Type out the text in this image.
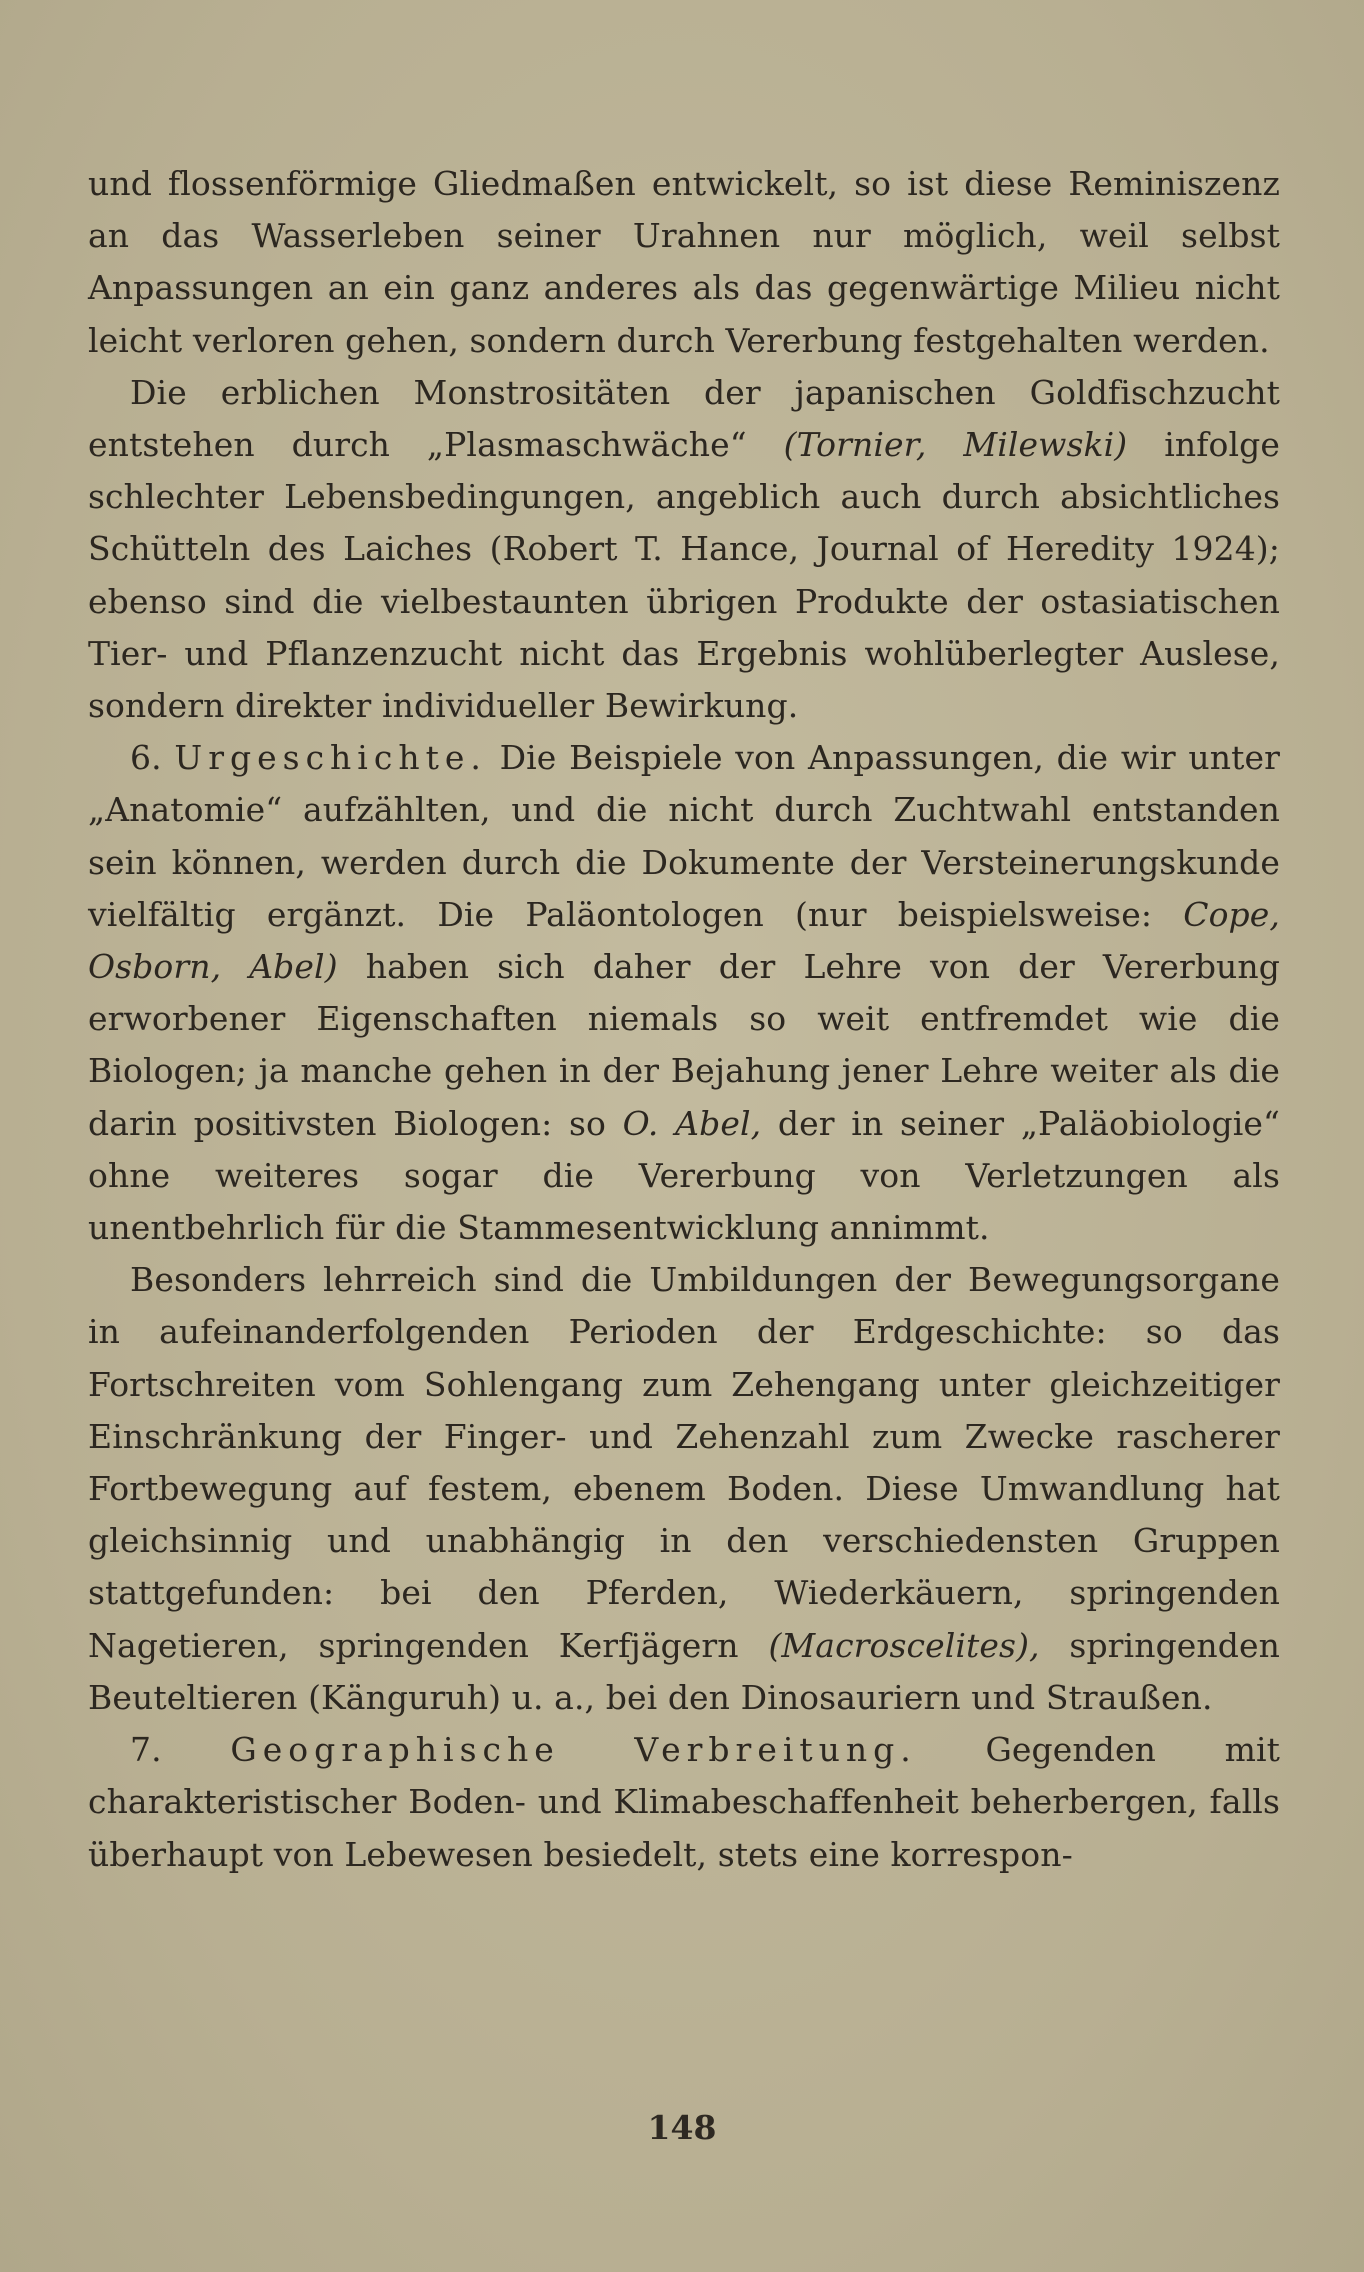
und flossenförmige Gliedmaßen entwickelt, so ist diese Reminiszenz an das Wasserleben seiner Urahnen nur möglich, weil selbst Anpassungen an ein ganz anderes als das gegenwärtige Milieu nicht leicht verloren gehen, sondern durch Vererbung festgehalten werden.

Die erblichen Monstrositäten der japanischen Goldfischzucht entstehen durch „Plasmaschwäche“ (Tornier, Milewski) infolge schlechter Lebensbedingungen, angeblich auch durch absichtliches Schütteln des Laiches (Robert T. Hance, Journal of Heredity 1924); ebenso sind die vielbestaunten übrigen Produkte der ostasiatischen Tier- und Pflanzenzucht nicht das Ergebnis wohlüberlegter Auslese, sondern direkter individueller Bewirkung.

6. Urgeschichte. Die Beispiele von Anpassungen, die wir unter „Anatomie“ aufzählten, und die nicht durch Zuchtwahl entstanden sein können, werden durch die Dokumente der Versteinerungskunde vielfältig ergänzt. Die Paläontologen (nur beispielsweise: Cope, Osborn, Abel) haben sich daher der Lehre von der Vererbung erworbener Eigenschaften niemals so weit entfremdet wie die Biologen; ja manche gehen in der Bejahung jener Lehre weiter als die darin positivsten Biologen: so O. Abel, der in seiner „Paläobiologie“ ohne weiteres sogar die Vererbung von Verletzungen als unentbehrlich für die Stammesentwicklung annimmt.

Besonders lehrreich sind die Umbildungen der Bewegungsorgane in aufeinanderfolgenden Perioden der Erdgeschichte: so das Fortschreiten vom Sohlengang zum Zehengang unter gleichzeitiger Einschränkung der Finger- und Zehenzahl zum Zwecke rascherer Fortbewegung auf festem, ebenem Boden. Diese Umwandlung hat gleichsinnig und unabhängig in den verschiedensten Gruppen stattgefunden: bei den Pferden, Wiederkäuern, springenden Nagetieren, springenden Kerfjägern (Macroscelites), springenden Beuteltieren (Känguruh) u. a., bei den Dinosauriern und Straußen.

7. Geographische Verbreitung. Gegenden mit charakteristischer Boden- und Klimabeschaffenheit beherbergen, falls überhaupt von Lebewesen besiedelt, stets eine korrespon-

148
